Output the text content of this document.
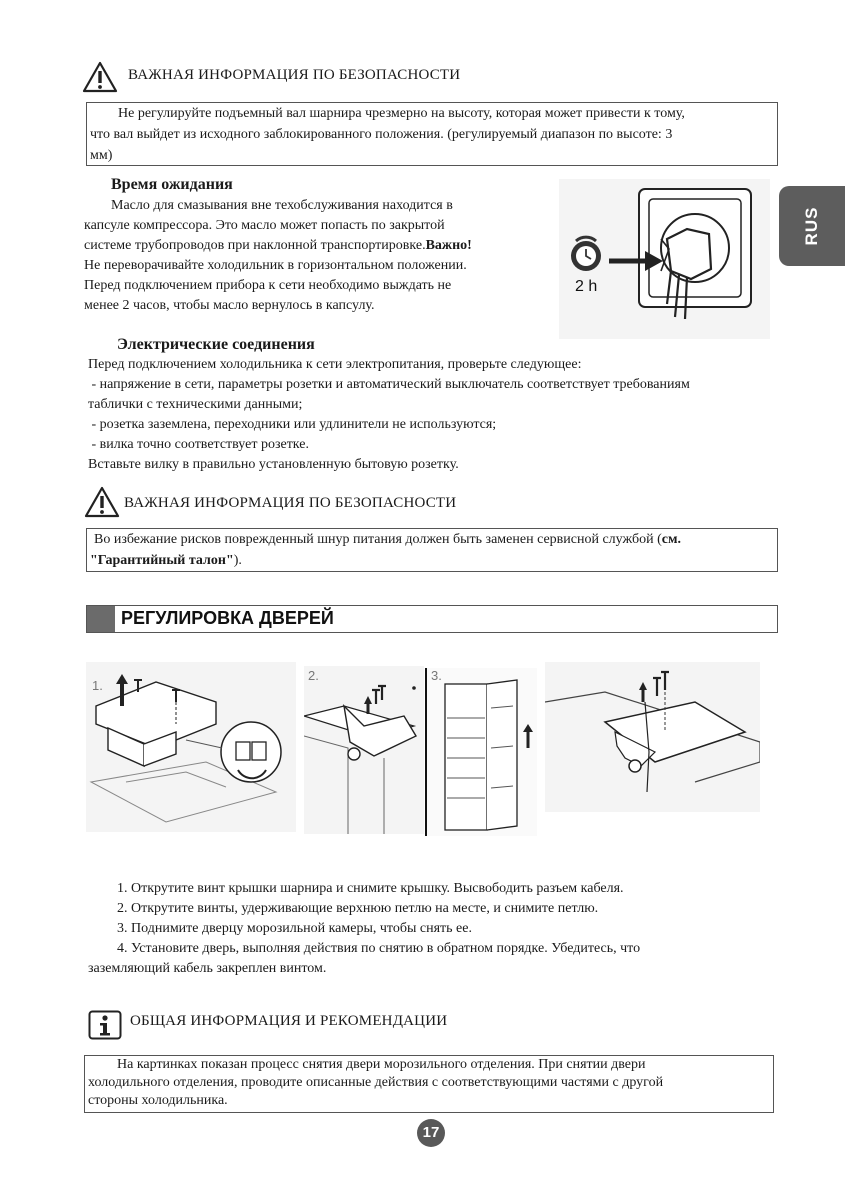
RUS
ВАЖНАЯ ИНФОРМАЦИЯ ПО БЕЗОПАСНОСТИ
Не регулируйте подъемный вал шарнира чрезмерно на высоту, которая может привести к тому,
что вал выйдет из исходного заблокированного положения. (регулируемый диапазон по высоте: 3
мм)
Время ожидания
Масло для смазывания вне техобслуживания находится в
капсуле компрессора. Это масло может попасть по закрытой
системе трубопроводов при наклонной транспортировке.Важно!
Не переворачивайте холодильник в горизонтальном положении.
Перед подключением прибора к сети необходимо выждать не
менее 2 часов, чтобы масло вернулось в капсулу.
2 h
Электрические соединения
Перед подключением холодильника к сети электропитания, проверьте следующее:
- напряжение в сети, параметры розетки и автоматический выключатель соответствует требованиям
таблички с техническими данными;
- розетка заземлена, переходники или удлинители не используются;
- вилка точно соответствует розетке.
Вставьте вилку в правильно установленную бытовую розетку.
ВАЖНАЯ ИНФОРМАЦИЯ ПО БЕЗОПАСНОСТИ
Во избежание рисков поврежденный шнур питания должен быть заменен сервисной службой (см.
"Гарантийный талон").
РЕГУЛИРОВКА ДВЕРЕЙ
1.
2.	3.
1. Открутите винт крышки шарнира и снимите крышку. Высвободить разъем кабеля.
2. Открутите винты, удерживающие верхнюю петлю на месте, и снимите петлю.
3. Поднимите дверцу морозильной камеры, чтобы снять ее.
4. Установите дверь, выполняя действия по снятию в обратном порядке. Убедитесь, что
заземляющий кабель закреплен винтом.
ОБЩАЯ ИНФОРМАЦИЯ И РЕКОМЕНДАЦИИ
На картинках показан процесс снятия двери морозильного отделения. При снятии двери
холодильного отделения, проводите описанные действия с соответствующими частями с другой
стороны холодильника.
17
